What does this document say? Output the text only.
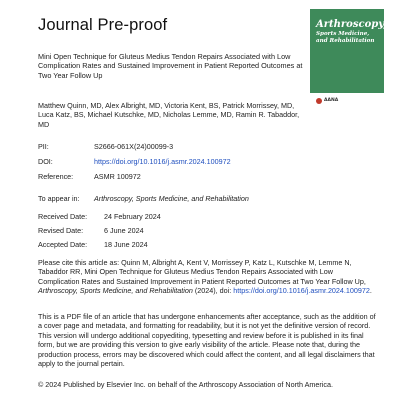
Journal Pre-proof	Arthroscopy,
Sports Medicine, and Rehabilitation
AANA
Mini Open Technique for Gluteus Medius Tendon Repairs Associated with Low Complication Rates and Sustained Improvement in Patient Reported Outcomes at Two Year Follow Up
Matthew Quinn, MD, Alex Albright, MD, Victoria Kent, BS, Patrick Morrissey, MD, Luca Katz, BS, Michael Kutschke, MD, Nicholas Lemme, MD, Ramin R. Tabaddor, MD
PII:	S2666-061X(24)00099-3
DOI:	https://doi.org/10.1016/j.asmr.2024.100972
Reference:	ASMR 100972
To appear in: Arthroscopy, Sports Medicine, and Rehabilitation
Received Date: 24 February 2024
Revised Date:	6 June 2024
Accepted Date: 18 June 2024
Please cite this article as: Quinn M, Albright A, Kent V, Morrissey P, Katz L, Kutschke M, Lemme N, Tabaddor RR, Mini Open Technique for Gluteus Medius Tendon Repairs Associated with Low Complication Rates and Sustained Improvement in Patient Reported Outcomes at Two Year Follow Up, Arthroscopy, Sports Medicine, and Rehabilitation (2024), doi: https://doi.org/10.1016/j.asmr.2024.100972.
This is a PDF file of an article that has undergone enhancements after acceptance, such as the addition of a cover page and metadata, and formatting for readability, but it is not yet the definitive version of record. This version will undergo additional copyediting, typesetting and review before it is published in its final form, but we are providing this version to give early visibility of the article. Please note that, during the production process, errors may be discovered which could affect the content, and all legal disclaimers that apply to the journal pertain.
© 2024 Published by Elsevier Inc. on behalf of the Arthroscopy Association of North America.
